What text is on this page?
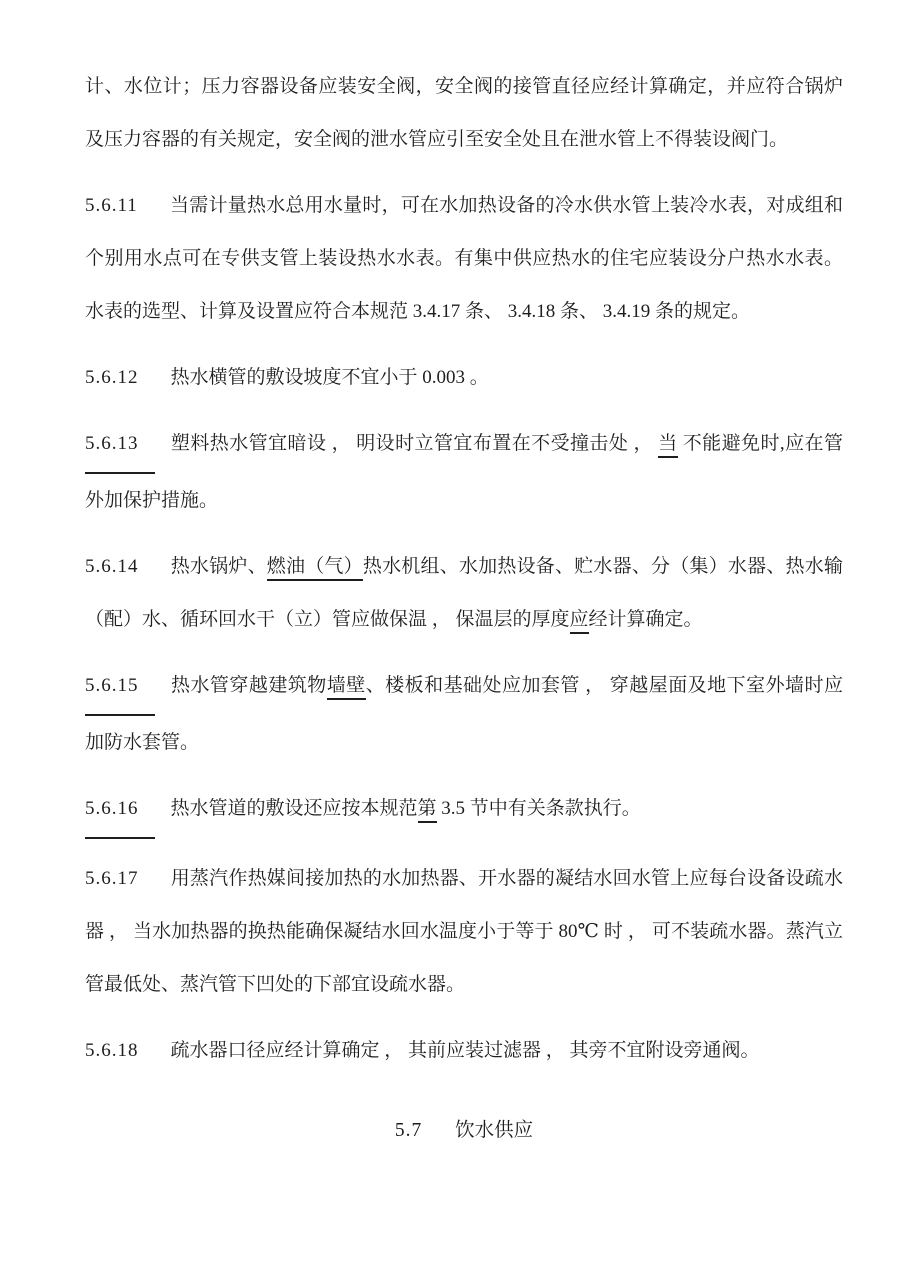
计、水位计；压力容器设备应装安全阀，安全阀的接管直径应经计算确定，并应符合锅炉及压力容器的有关规定，安全阀的泄水管应引至安全处且在泄水管上不得装设阀门。

5.6.11 当需计量热水总用水量时，可在水加热设备的冷水供水管上装冷水表，对成组和个别用水点可在专供支管上装设热水水表。有集中供应热水的住宅应装设分户热水水表。水表的选型、计算及设置应符合本规范 3.4.17 条、 3.4.18 条、 3.4.19 条的规定。

5.6.12 热水横管的敷设坡度不宜小于 0.003 。

5.6.13 塑料热水管宜暗设 ， 明设时立管宜布置在不受撞击处 ， 当 不能避免时,应在管外加保护措施。

5.6.14 热水锅炉、燃油（气）热水机组、水加热设备、贮水器、分（集）水器、热水输（配）水、循环回水干（立）管应做保温 ， 保温层的厚度应经计算确定。

5.6.15 热水管穿越建筑物墙壁、楼板和基础处应加套管 ， 穿越屋面及地下室外墙时应加防水套管。

5.6.16 热水管道的敷设还应按本规范第 3.5 节中有关条款执行。

5.6.17 用蒸汽作热媒间接加热的水加热器、开水器的凝结水回水管上应每台设备设疏水器 ， 当水加热器的换热能确保凝结水回水温度小于等于 80℃ 时 ， 可不装疏水器。蒸汽立管最低处、蒸汽管下凹处的下部宜设疏水器。

5.6.18 疏水器口径应经计算确定 ， 其前应装过滤器 ， 其旁不宜附设旁通阀。

5.7 饮水供应
